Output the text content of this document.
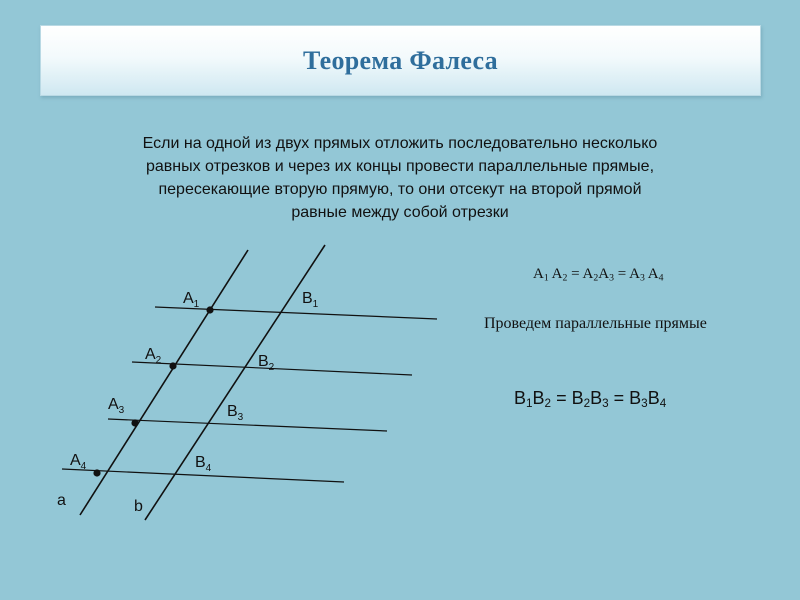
Теорема Фалеса
Если на одной из двух прямых отложить последовательно несколько
равных отрезков и через их концы провести параллельные прямые,
пересекающие вторую прямую, то они отсекут на второй прямой
равные между собой отрезки
$A_1$
$A_2$
$A_3$
$A_4$
$B_1$
$B_2$
$B_3$
$B_4$
a	b
$A_1$ $A_2 = A_2A_3 = A_3$ $A_4$
Проведем параллельные прямые
$B_1B_2 = B_2B_3 = B_3B_4$
